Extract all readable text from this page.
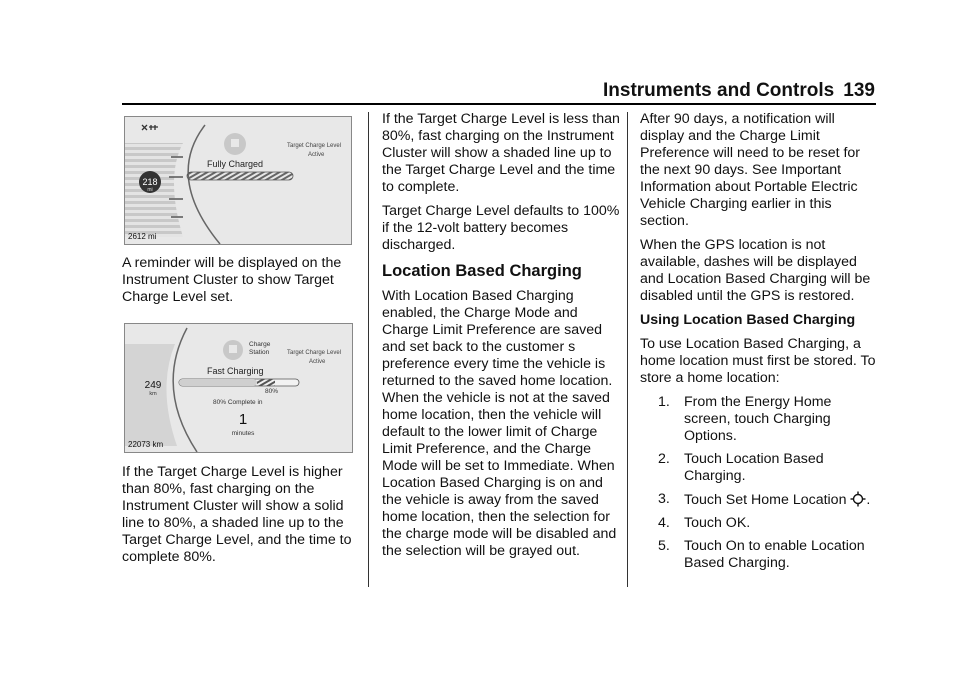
Instruments and Controls 139
Target Charge Level
Active
Fully Charged
218
mi
2612 mi

A reminder will be displayed on the Instrument Cluster to show Target Charge Level set.

Charge
Station	Target Charge Level
Active
Fast Charging
80%
80% Complete in
1
minutes
249
km
22073 km

If the Target Charge Level is higher than 80%, fast charging on the Instrument Cluster will show a solid line to 80%, a shaded line up to the Target Charge Level, and the time to complete 80%.

If the Target Charge Level is less than 80%, fast charging on the Instrument Cluster will show a shaded line up to the Target Charge Level and the time to complete.

Target Charge Level defaults to 100% if the 12-volt battery becomes discharged.

Location Based Charging

With Location Based Charging enabled, the Charge Mode and Charge Limit Preference are saved and set back to the customer s preference every time the vehicle is returned to the saved home location. When the vehicle is not at the saved home location, then the vehicle will default to the lower limit of Charge Limit Preference, and the Charge Mode will be set to Immediate. When Location Based Charging is on and the vehicle is away from the saved home location, then the selection for the charge mode will be disabled and the selection will be grayed out.

After 90 days, a notification will display and the Charge Limit Preference will need to be reset for the next 90 days. See Important Information about Portable Electric Vehicle Charging earlier in this section.

When the GPS location is not available, dashes will be displayed and Location Based Charging will be disabled until the GPS is restored.

Using Location Based Charging

To use Location Based Charging, a home location must first be stored. To store a home location:

1. From the Energy Home screen, touch Charging Options.
2. Touch Location Based Charging.
3. Touch Set Home Location .
4. Touch OK.
5. Touch On to enable Location Based Charging.
